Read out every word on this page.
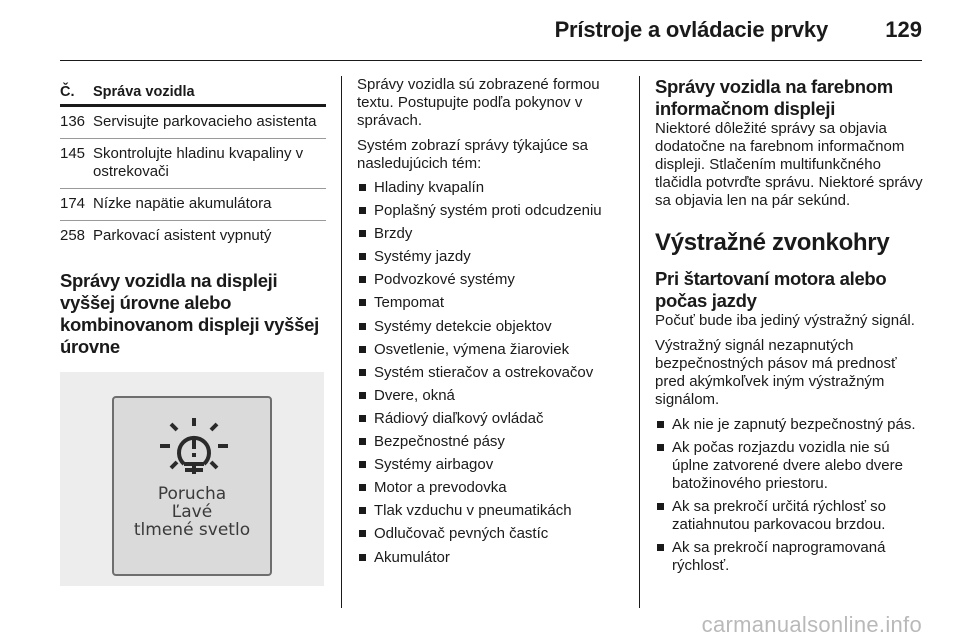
Prístroje a ovládacie prvky	129
Č.	Správa vozidla
136 Servisujte parkovacieho asistenta
145 Skontrolujte hladinu kvapaliny v ostrekovači
174 Nízke napätie akumulátora
258 Parkovací asistent vypnutý
Správy vozidla na displeji vyššej úrovne alebo kombinovanom displeji vyššej úrovne
Porucha
Ľavé
tlmené svetlo

Správy vozidla sú zobrazené formou textu. Postupujte podľa pokynov v správach.

Systém zobrazí správy týkajúce sa nasledujúcich tém:

Hladiny kvapalín
Poplašný systém proti odcudzeniu
Brzdy
Systémy jazdy
Podvozkové systémy
Tempomat
Systémy detekcie objektov
Osvetlenie, výmena žiaroviek
Systém stieračov a ostrekovačov
Dvere, okná
Rádiový diaľkový ovládač
Bezpečnostné pásy
Systémy airbagov
Motor a prevodovka
Tlak vzduchu v pneumatikách
Odlučovač pevných častíc
Akumulátor
Správy vozidla na farebnom informačnom displeji

Niektoré dôležité správy sa objavia dodatočne na farebnom informačnom displeji. Stlačením multifunkčného tlačidla potvrďte správu. Niektoré správy sa objavia len na pár sekúnd.

Výstražné zvonkohry
Pri štartovaní motora alebo počas jazdy

Počuť bude iba jediný výstražný signál.

Výstražný signál nezapnutých bezpečnostných pásov má prednosť pred akýmkoľvek iným výstražným signálom.

Ak nie je zapnutý bezpečnostný pás.
Ak počas rozjazdu vozidla nie sú úplne zatvorené dvere alebo dvere batožinového priestoru.
Ak sa prekročí určitá rýchlosť so zatiahnutou parkovacou brzdou.
Ak sa prekročí naprogramovaná rýchlosť.
carmanualsonline.info
